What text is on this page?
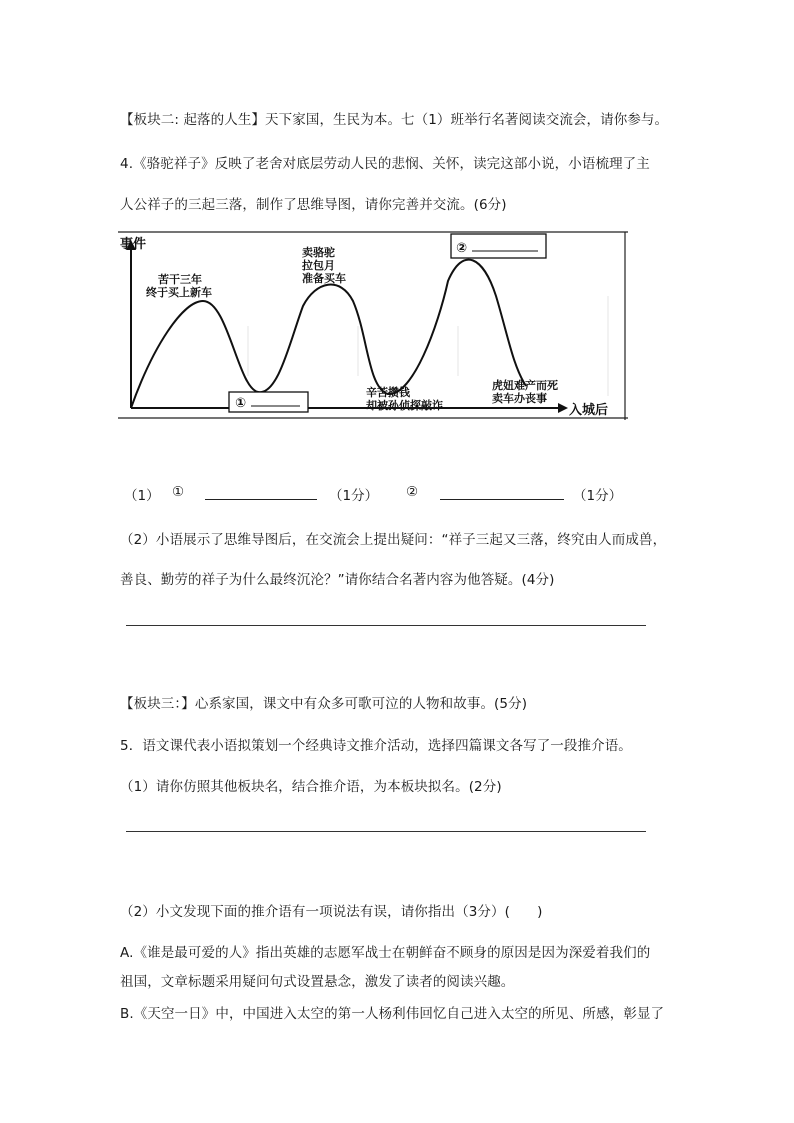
【板块二: 起落的人生】天下家国，生民为本。七（1）班举行名著阅读交流会，请你参与。
4.《骆驼祥子》反映了老舍对底层劳动人民的悲悯、关怀，读完这部小说，小语梳理了主
人公祥子的三起三落，制作了思维导图，请你完善并交流。(6分)
事件
入城后
苦干三年
终于买上新车
卖骆驼
拉包月
准备买车
②
①
辛苦攒钱
却被孙侦探敲诈
虎妞难产而死
卖车办丧事
（1） ①	（1分） ②	（1分）
（2）小语展示了思维导图后，在交流会上提出疑问：“祥子三起又三落，终究由人而成兽，
善良、勤劳的祥子为什么最终沉沦？”请你结合名著内容为他答疑。(4分)
【板块三：】心系家国，课文中有众多可歌可泣的人物和故事。(5分)
5．语文课代表小语拟策划一个经典诗文推介活动，选择四篇课文各写了一段推介语。
（1）请你仿照其他板块名，结合推介语，为本板块拟名。(2分)
（2）小文发现下面的推介语有一项说法有误，请你指出（3分）(　　)
A.《谁是最可爱的人》指出英雄的志愿军战士在朝鲜奋不顾身的原因是因为深爱着我们的
祖国，文章标题采用疑问句式设置悬念，激发了读者的阅读兴趣。
B.《天空一日》中，中国进入太空的第一人杨利伟回忆自己进入太空的所见、所感，彰显了
